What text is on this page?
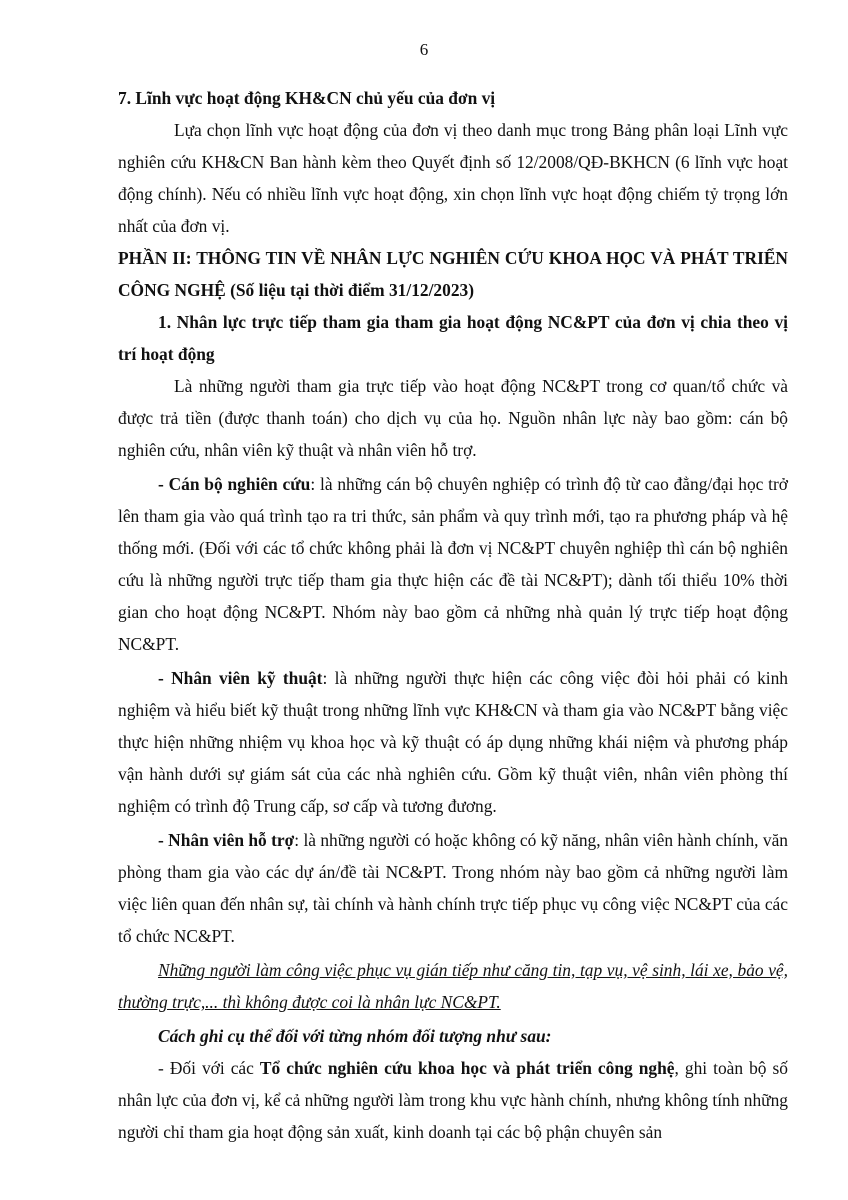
6

7. Lĩnh vực hoạt động KH&CN chủ yếu của đơn vị

Lựa chọn lĩnh vực hoạt động của đơn vị theo danh mục trong Bảng phân loại Lĩnh vực nghiên cứu KH&CN Ban hành kèm theo Quyết định số 12/2008/QĐ-BKHCN (6 lĩnh vực hoạt động chính). Nếu có nhiều lĩnh vực hoạt động, xin chọn lĩnh vực hoạt động chiếm tỷ trọng lớn nhất của đơn vị.

PHẦN II: THÔNG TIN VỀ NHÂN LỰC NGHIÊN CỨU KHOA HỌC VÀ PHÁT TRIỂN CÔNG NGHỆ (Số liệu tại thời điểm 31/12/2023)

1. Nhân lực trực tiếp tham gia tham gia hoạt động NC&PT của đơn vị chia theo vị trí hoạt động

Là những người tham gia trực tiếp vào hoạt động NC&PT trong cơ quan/tổ chức và được trả tiền (được thanh toán) cho dịch vụ của họ. Nguồn nhân lực này bao gồm: cán bộ nghiên cứu, nhân viên kỹ thuật và nhân viên hỗ trợ.

- Cán bộ nghiên cứu: là những cán bộ chuyên nghiệp có trình độ từ cao đẳng/đại học trở lên tham gia vào quá trình tạo ra tri thức, sản phẩm và quy trình mới, tạo ra phương pháp và hệ thống mới. (Đối với các tổ chức không phải là đơn vị NC&PT chuyên nghiệp thì cán bộ nghiên cứu là những người trực tiếp tham gia thực hiện các đề tài NC&PT); dành tối thiểu 10% thời gian cho hoạt động NC&PT. Nhóm này bao gồm cả những nhà quản lý trực tiếp hoạt động NC&PT.

- Nhân viên kỹ thuật: là những người thực hiện các công việc đòi hỏi phải có kinh nghiệm và hiểu biết kỹ thuật trong những lĩnh vực KH&CN và tham gia vào NC&PT bằng việc thực hiện những nhiệm vụ khoa học và kỹ thuật có áp dụng những khái niệm và phương pháp vận hành dưới sự giám sát của các nhà nghiên cứu. Gồm kỹ thuật viên, nhân viên phòng thí nghiệm có trình độ Trung cấp, sơ cấp và tương đương.

- Nhân viên hỗ trợ: là những người có hoặc không có kỹ năng, nhân viên hành chính, văn phòng tham gia vào các dự án/đề tài NC&PT. Trong nhóm này bao gồm cả những người làm việc liên quan đến nhân sự, tài chính và hành chính trực tiếp phục vụ công việc NC&PT của các tổ chức NC&PT.

Những người làm công việc phục vụ gián tiếp như căng tin, tạp vụ, vệ sinh, lái xe, bảo vệ, thường trực,... thì không được coi là nhân lực NC&PT.

Cách ghi cụ thể đối với từng nhóm đối tượng như sau:

- Đối với các Tổ chức nghiên cứu khoa học và phát triển công nghệ, ghi toàn bộ số nhân lực của đơn vị, kể cả những người làm trong khu vực hành chính, nhưng không tính những người chỉ tham gia hoạt động sản xuất, kinh doanh tại các bộ phận chuyên sản
